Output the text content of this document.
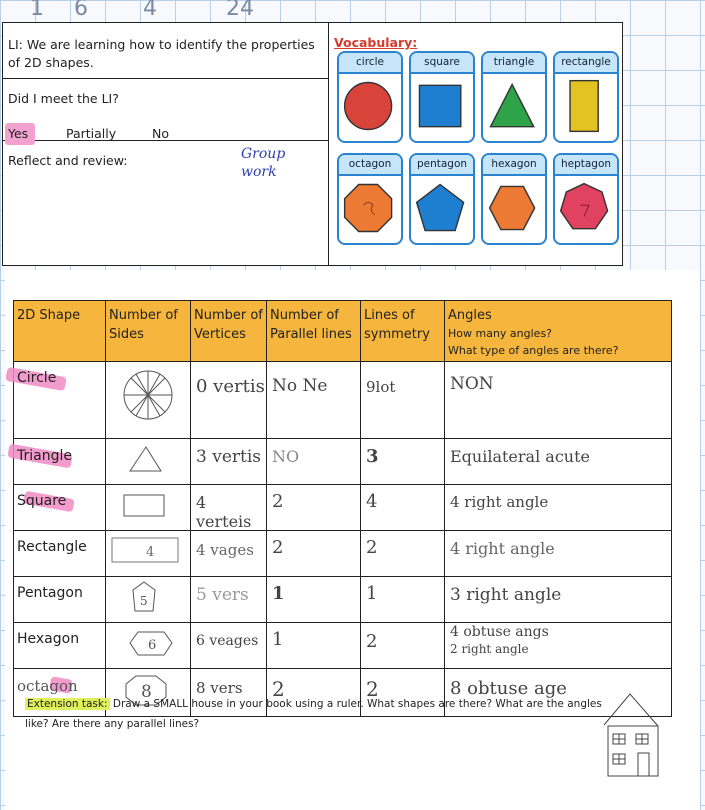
16 4	24
LI: We are learning how to identify the properties of 2D shapes.
Did I meet the LI?
Yes	Partially	No
Reflect and review:	Group work
Vocabulary:
circle	square	triangle	rectangle
octagon	pentagon	hexagon	heptagon
2D Shape	Number of Sides	Number of Vertices	Number of Parallel lines	Lines of symmetry	Angles
How many angles?
What type of angles are there?

Circle		0 vertis	No Ne	9lot	NON

Triangle		3 vertis	NO	3	Equilateral acute

Square		4 verteis	2	4	4 right angle

Rectangle	4	4 vages	2	2	4 right angle

Pentagon	5	5 vers	1	1	3 right angle

Hexagon	6	6 veages	1	2	4 obtuse angs
2 right angle

octagon	8	8 vers	2	2	8 obtuse age
Extension task: Draw a SMALL house in your book using a ruler. What shapes are there? What are the angles like? Are there any parallel lines?
